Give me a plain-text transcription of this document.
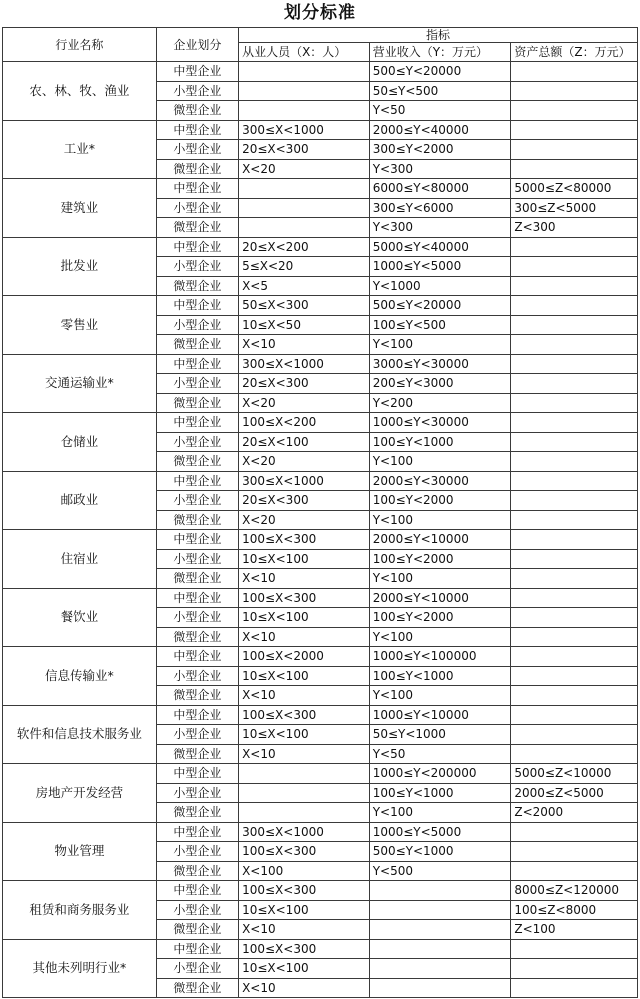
划分标准
行业名称	企业划分	指标		
		从业人员（X：人）	营业收入（Y：万元）	资产总额（Z：万元）
农、林、牧、渔业	中型企业		500≤Y<20000	
	小型企业		50≤Y<500	
	微型企业		Y<50	
工业*	中型企业	300≤X<1000	2000≤Y<40000	
	小型企业	20≤X<300	300≤Y<2000	
	微型企业	X<20	Y<300	
建筑业	中型企业		6000≤Y<80000	5000≤Z<80000
	小型企业		300≤Y<6000	300≤Z<5000
	微型企业		Y<300	Z<300
批发业	中型企业	20≤X<200	5000≤Y<40000	
	小型企业	5≤X<20	1000≤Y<5000	
	微型企业	X<5	Y<1000	
零售业	中型企业	50≤X<300	500≤Y<20000	
	小型企业	10≤X<50	100≤Y<500	
	微型企业	X<10	Y<100	
交通运输业*	中型企业	300≤X<1000	3000≤Y<30000	
	小型企业	20≤X<300	200≤Y<3000	
	微型企业	X<20	Y<200	
仓储业	中型企业	100≤X<200	1000≤Y<30000	
	小型企业	20≤X<100	100≤Y<1000	
	微型企业	X<20	Y<100	
邮政业	中型企业	300≤X<1000	2000≤Y<30000	
	小型企业	20≤X<300	100≤Y<2000	
	微型企业	X<20	Y<100	
住宿业	中型企业	100≤X<300	2000≤Y<10000	
	小型企业	10≤X<100	100≤Y<2000	
	微型企业	X<10	Y<100	
餐饮业	中型企业	100≤X<300	2000≤Y<10000	
	小型企业	10≤X<100	100≤Y<2000	
	微型企业	X<10	Y<100	
信息传输业*	中型企业	100≤X<2000	1000≤Y<100000	
	小型企业	10≤X<100	100≤Y<1000	
	微型企业	X<10	Y<100	
软件和信息技术服务业	中型企业	100≤X<300	1000≤Y<10000	
	小型企业	10≤X<100	50≤Y<1000	
	微型企业	X<10	Y<50	
房地产开发经营	中型企业		1000≤Y<200000	5000≤Z<10000
	小型企业		100≤Y<1000	2000≤Z<5000
	微型企业		Y<100	Z<2000
物业管理	中型企业	300≤X<1000	1000≤Y<5000	
	小型企业	100≤X<300	500≤Y<1000	
	微型企业	X<100	Y<500	
租赁和商务服务业	中型企业	100≤X<300		8000≤Z<120000
	小型企业	10≤X<100		100≤Z<8000
	微型企业	X<10		Z<100
其他未列明行业*	中型企业	100≤X<300		
	小型企业	10≤X<100		
	微型企业	X<10		
